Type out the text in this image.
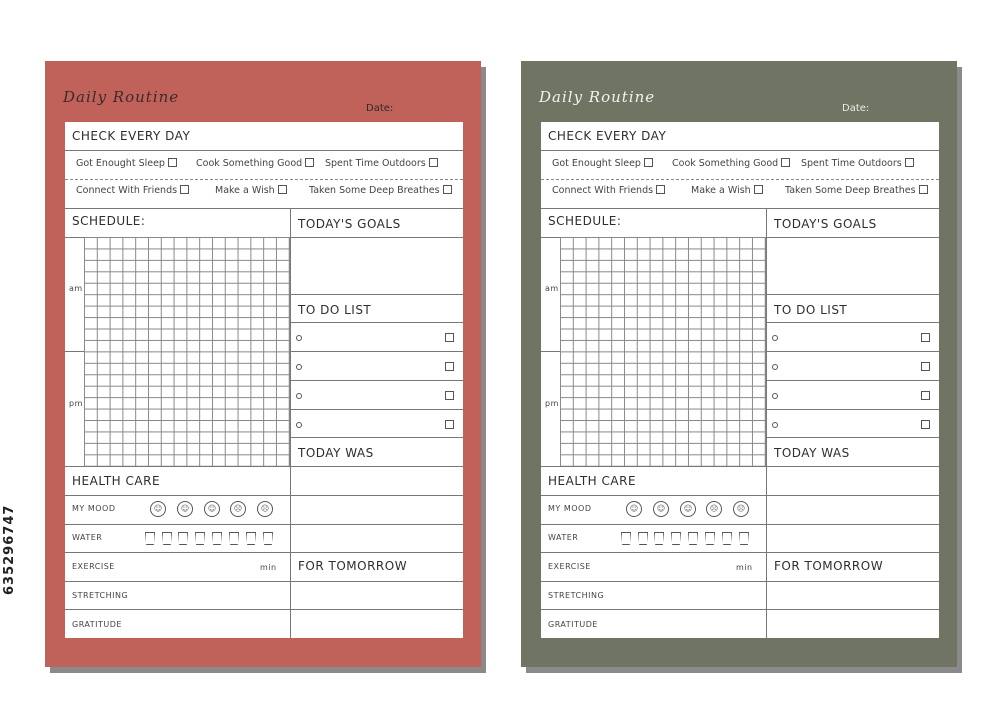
635296747
Daily Routine
Date:
CHECK EVERY DAY
Got Enought Sleep	Cook Something Good	Spent Time Outdoors
Connect With Friends	Make a Wish	Taken Some Deep Breathes
SCHEDULE:
am
pm
TODAY'S GOALS
TO DO LIST
TODAY WAS
HEALTH CARE
MY MOOD	☺	☺	☺	☹	☹
WATER
EXERCISE	min FOR TOMORROW
STRETCHING
GRATITUDE
Daily Routine
Date:
CHECK EVERY DAY
Got Enought Sleep	Cook Something Good	Spent Time Outdoors
Connect With Friends	Make a Wish	Taken Some Deep Breathes
SCHEDULE:
am
pm
TODAY'S GOALS
TO DO LIST
TODAY WAS
HEALTH CARE
MY MOOD	☺	☺	☺	☹	☹
WATER
EXERCISE	min FOR TOMORROW
STRETCHING
GRATITUDE
